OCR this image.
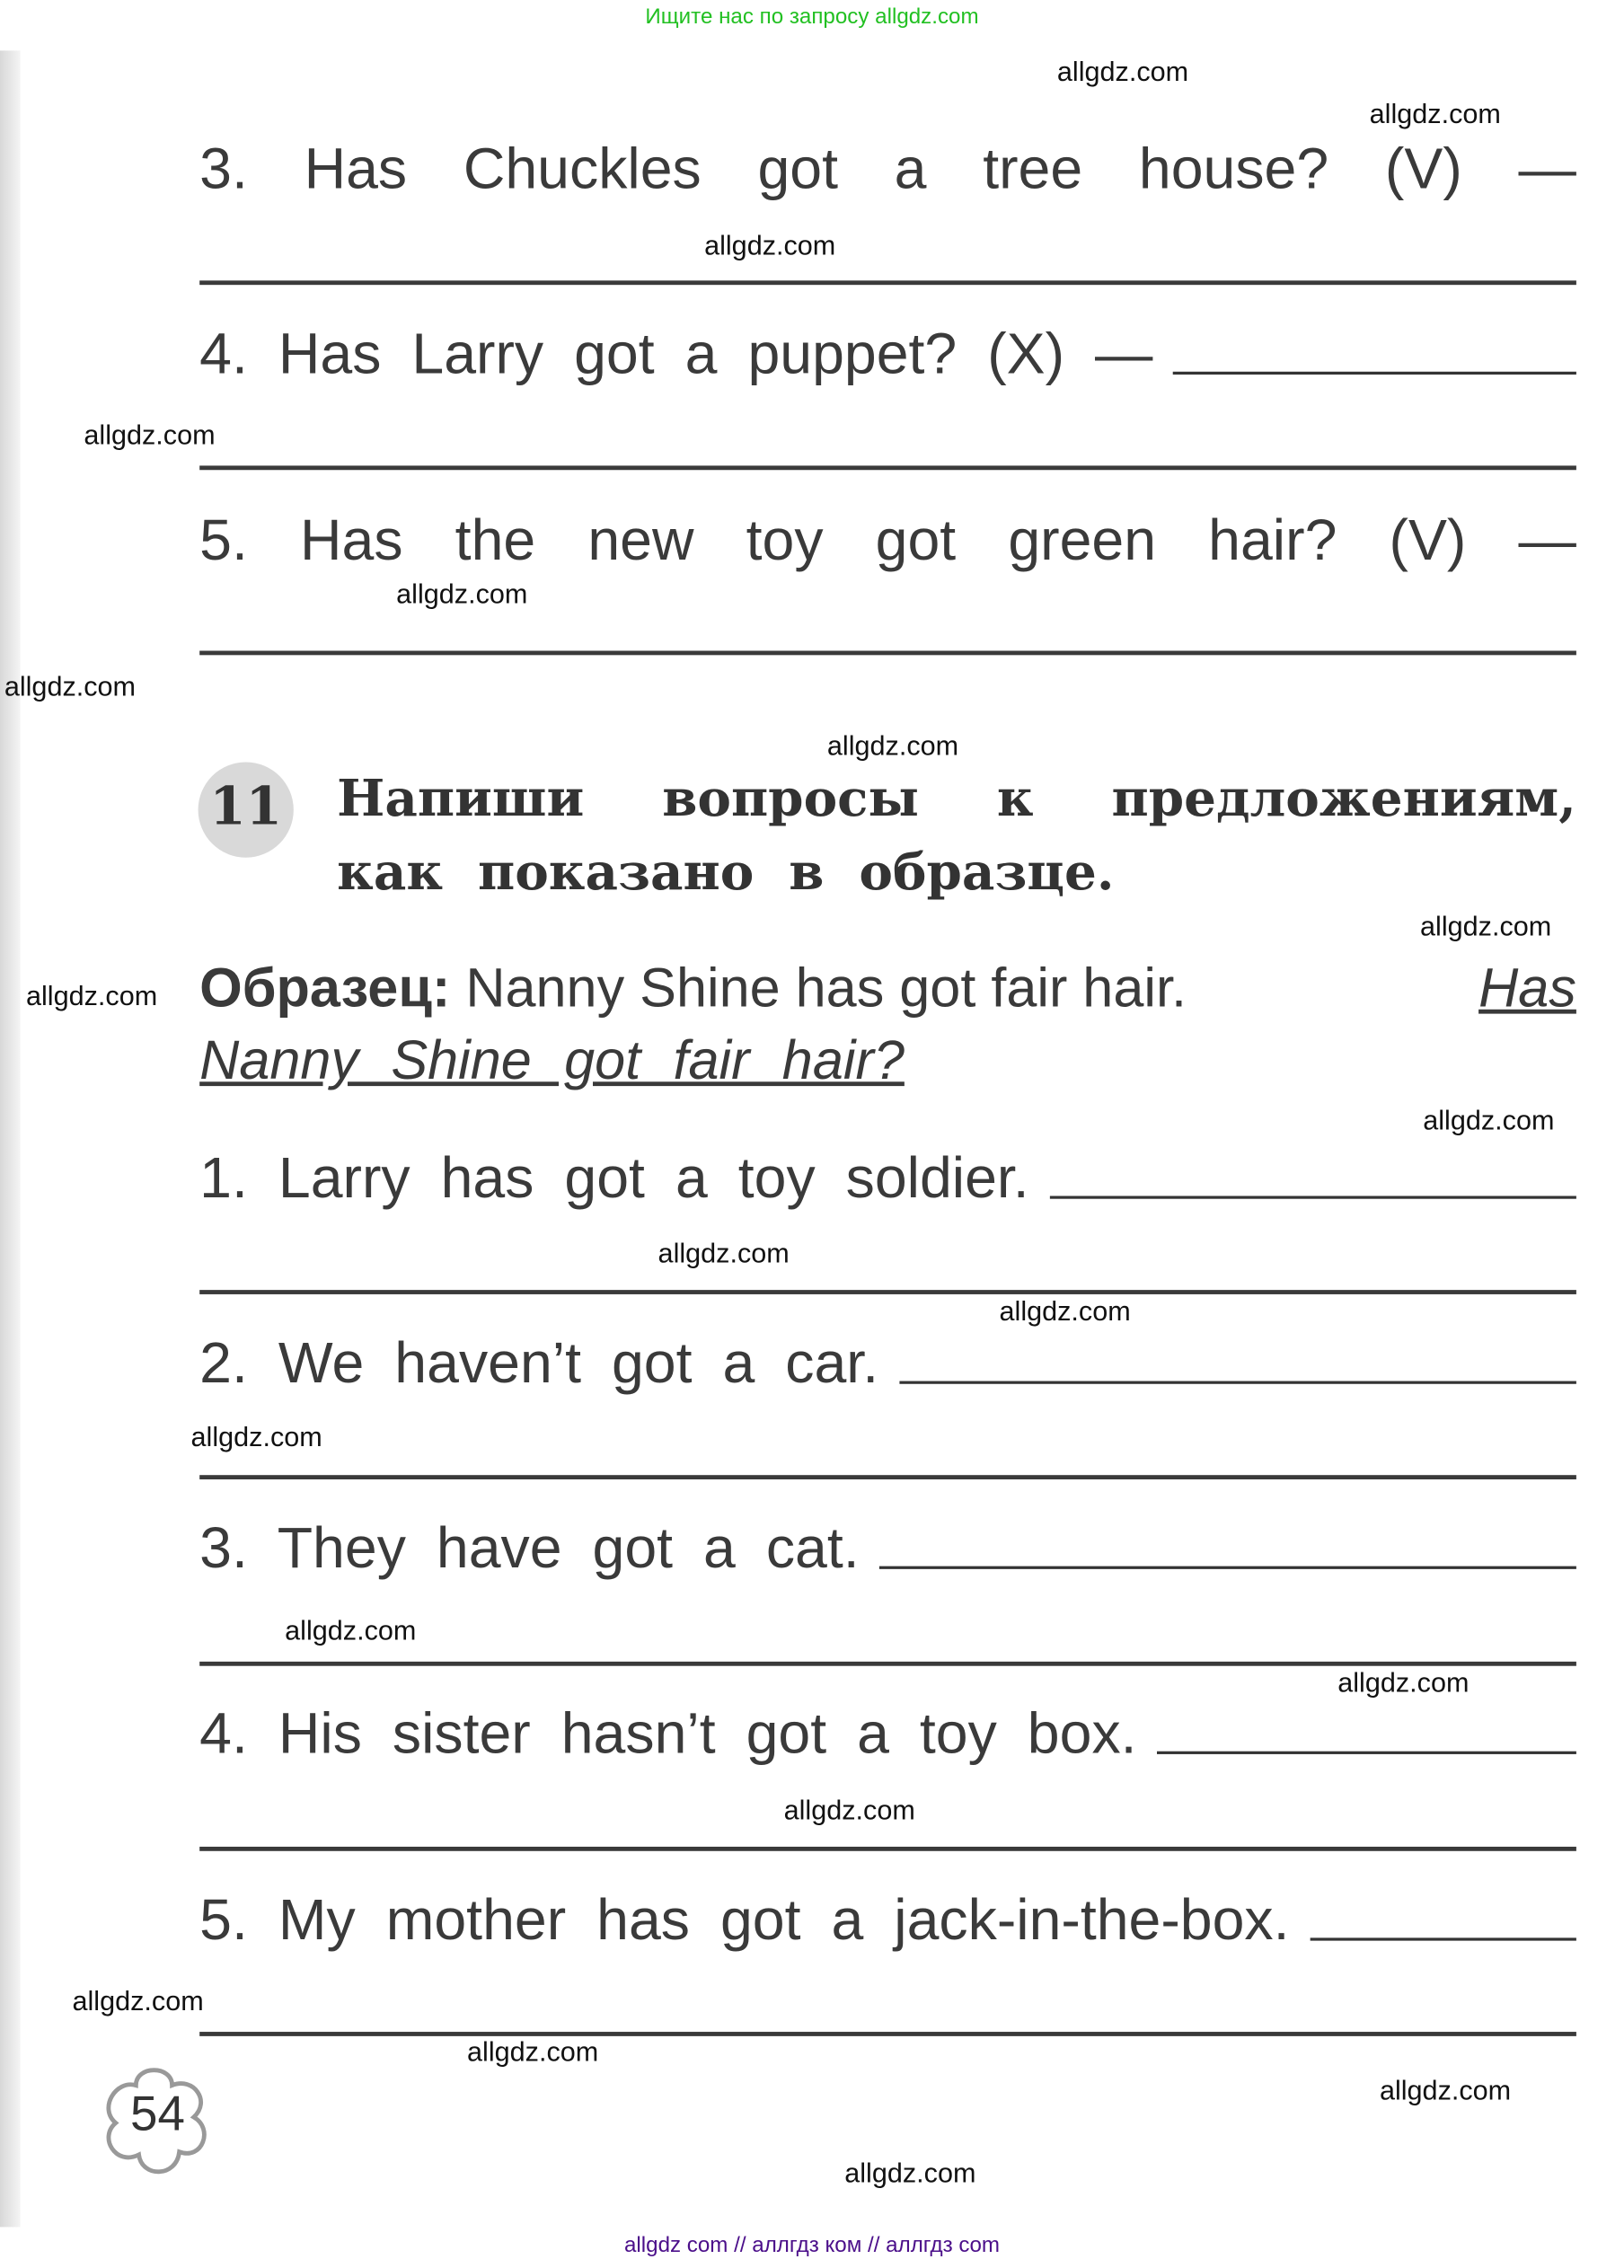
Ищите нас по запросу allgdz.com
3. Has Chuckles got a tree house? (V) —
4. Has Larry got a puppet? (X) —
5. Has the new toy got green hair? (V) —
11	Напиши вопросы к предложениям,
как показано в образце.
Образец: Nanny Shine has got fair hair.	Has
Nanny Shine got fair hair?
1. Larry has got a toy soldier.
2. We haven’t got a car.
3. They have got a cat.
4. His sister hasn’t got a toy box.
5. My mother has got a jack-in-the-box.
54
allgdz.com
allgdz.com
allgdz.com
allgdz.com
allgdz.com
allgdz.com
allgdz.com
allgdz.com
allgdz.com
allgdz.com
allgdz.com
allgdz.com
allgdz.com
allgdz.com
allgdz.com
allgdz.com
allgdz.com
allgdz.com
allgdz.com
allgdz.com
allgdz com // аллгдз ком // аллгдз com
